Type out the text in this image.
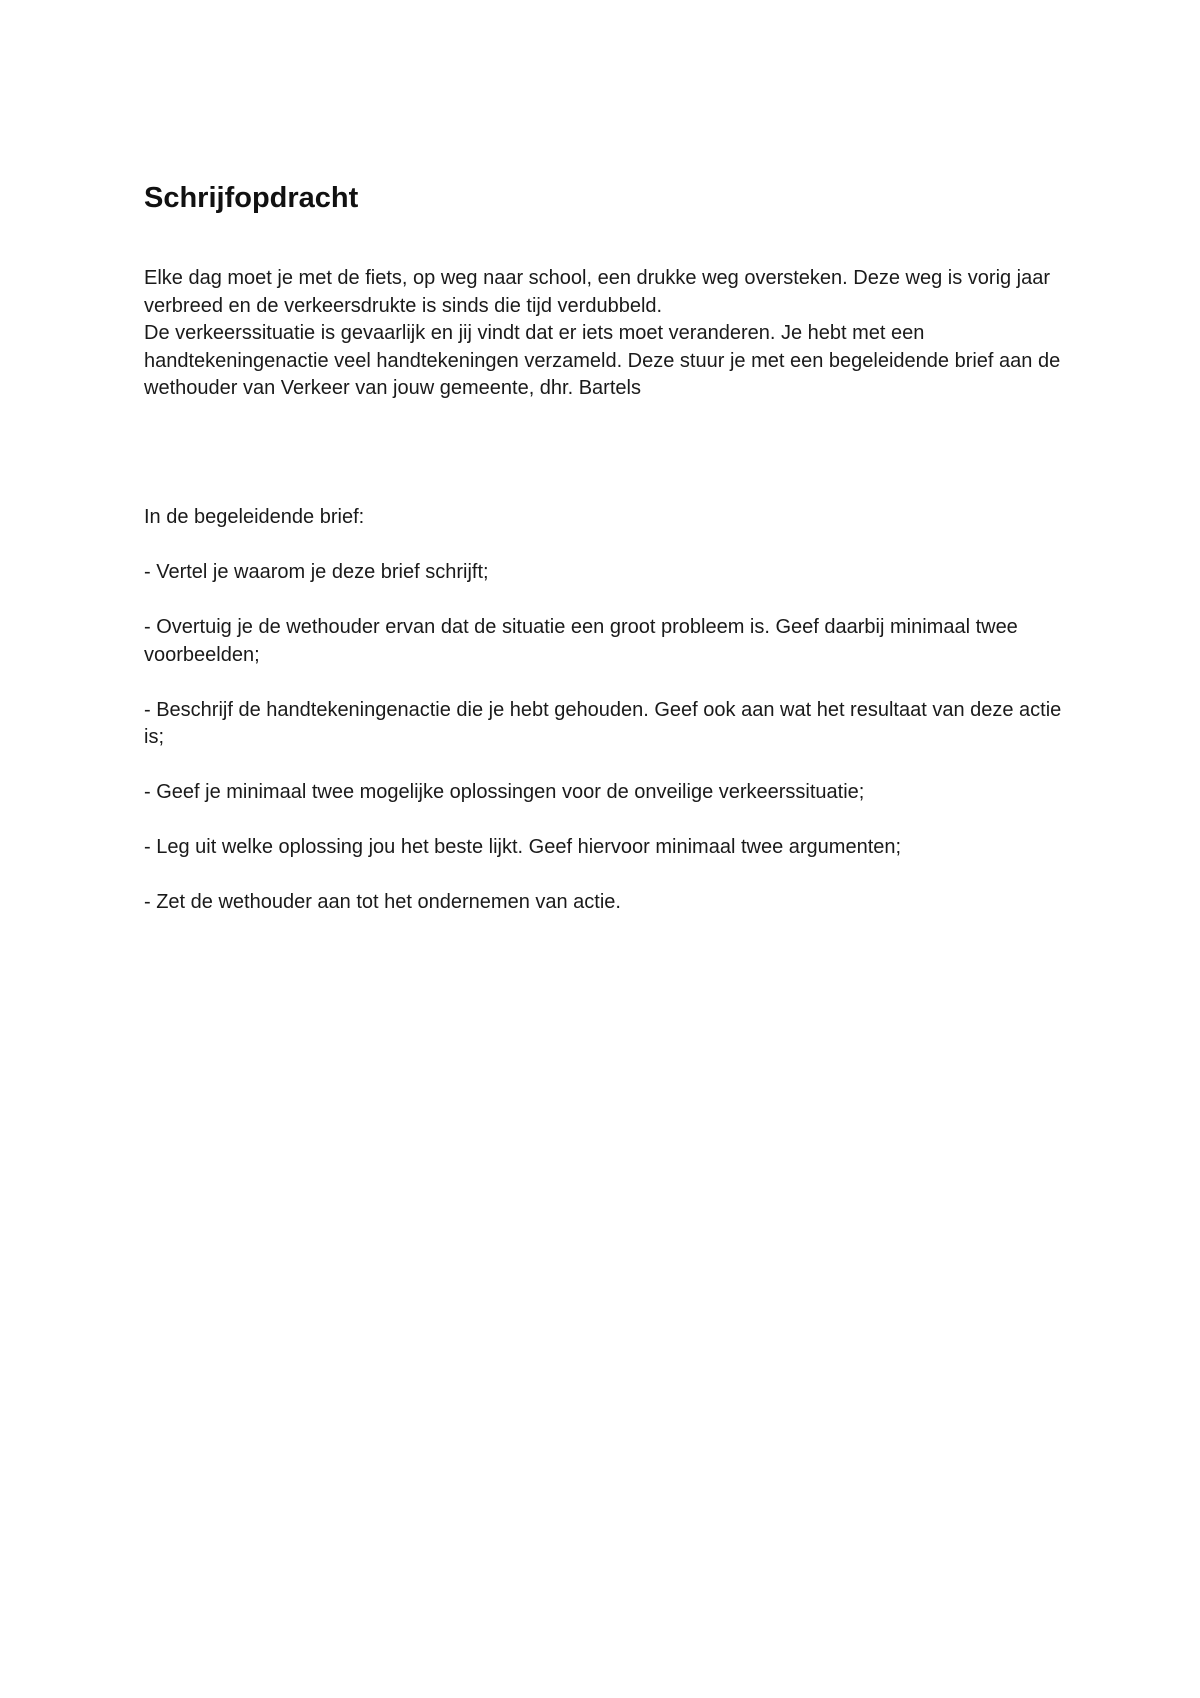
Schrijfopdracht

Elke dag moet je met de fiets, op weg naar school, een drukke weg oversteken. Deze weg is vorig jaar verbreed en de verkeersdrukte is sinds die tijd verdubbeld.

De verkeerssituatie is gevaarlijk en jij vindt dat er iets moet veranderen. Je hebt met een handtekeningenactie veel handtekeningen verzameld. Deze stuur je met een begeleidende brief aan de wethouder van Verkeer van jouw gemeente, dhr. Bartels

In de begeleidende brief:

- Vertel je waarom je deze brief schrijft;

- Overtuig je de wethouder ervan dat de situatie een groot probleem is. Geef daarbij minimaal twee voorbeelden;

- Beschrijf de handtekeningenactie die je hebt gehouden. Geef ook aan wat het resultaat van deze actie is;

- Geef je minimaal twee mogelijke oplossingen voor de onveilige verkeerssituatie;

- Leg uit welke oplossing jou het beste lijkt. Geef hiervoor minimaal twee argumenten;

- Zet de wethouder aan tot het ondernemen van actie.
